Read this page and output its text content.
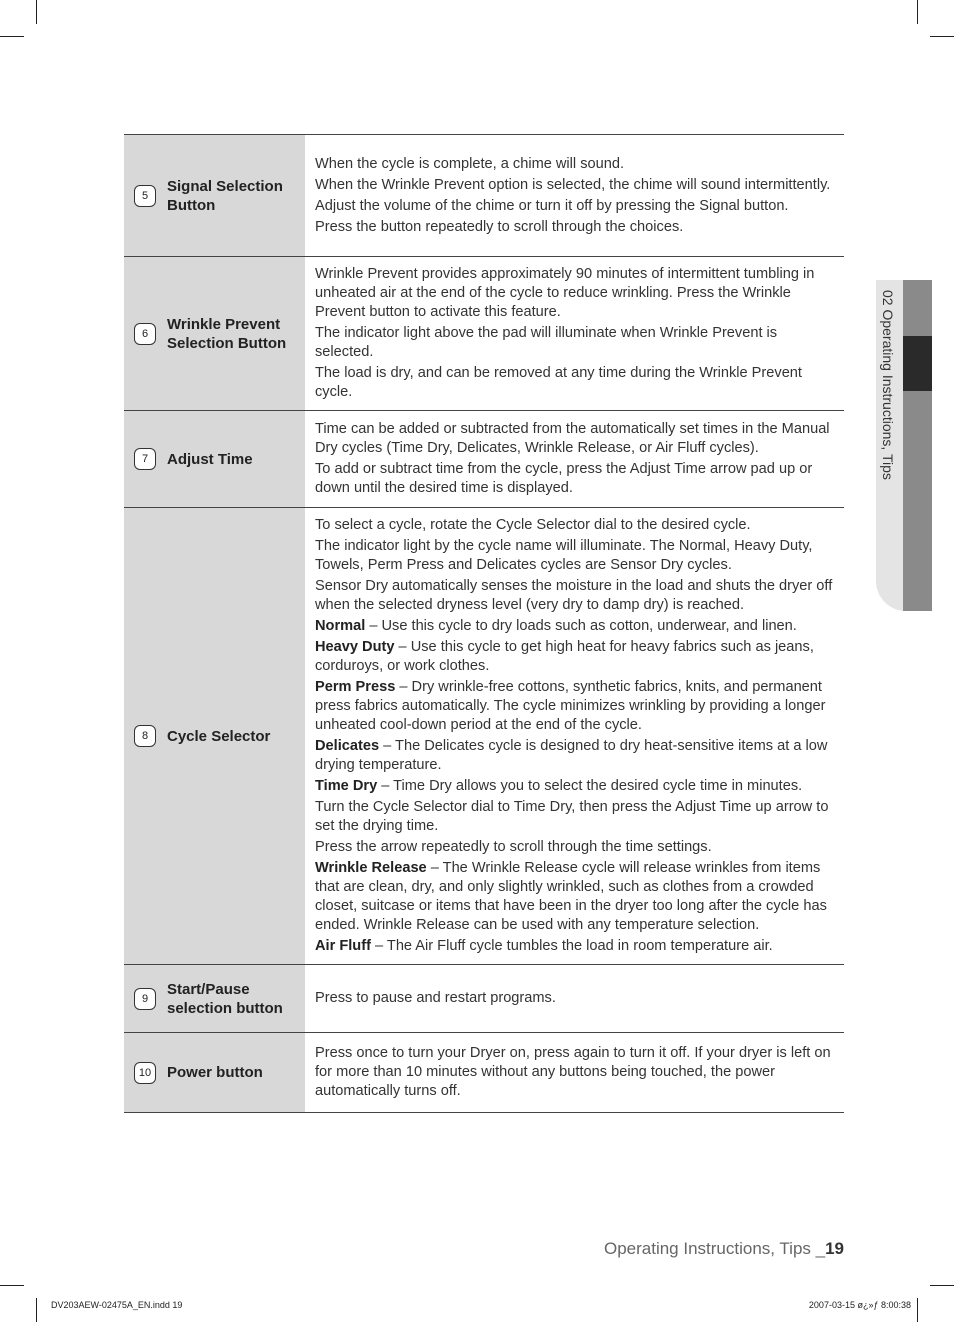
02 Operating Instructions, Tips
5
Signal Selection Button

When the cycle is complete, a chime will sound.

When the Wrinkle Prevent option is selected, the chime will sound intermittently.

Adjust the volume of the chime or turn it off by pressing the Signal button.

Press the button repeatedly to scroll through the choices.

6
Wrinkle Prevent Selection Button

Wrinkle Prevent provides approximately 90 minutes of intermittent tumbling in unheated air at the end of the cycle to reduce wrinkling. Press the Wrinkle Prevent button to activate this feature.

The indicator light above the pad will illuminate when Wrinkle Prevent is selected.

The load is dry, and can be removed at any time during the Wrinkle Prevent cycle.

7	Adjust Time

Time can be added or subtracted from the automatically set times in the Manual Dry cycles (Time Dry, Delicates, Wrinkle Release, or Air Fluff cycles).

To add or subtract time from the cycle, press the Adjust Time arrow pad up or down until the desired time is displayed.

8	Cycle Selector

To select a cycle, rotate the Cycle Selector dial to the desired cycle.

The indicator light by the cycle name will illuminate. The Normal, Heavy Duty, Towels, Perm Press and Delicates cycles are Sensor Dry cycles.

Sensor Dry automatically senses the moisture in the load and shuts the dryer off when the selected dryness level (very dry to damp dry) is reached.

Normal – Use this cycle to dry loads such as cotton, underwear, and linen.

Heavy Duty – Use this cycle to get high heat for heavy fabrics such as jeans, corduroys, or work clothes.

Perm Press – Dry wrinkle-free cottons, synthetic fabrics, knits, and permanent press fabrics automatically. The cycle minimizes wrinkling by providing a longer unheated cool-down period at the end of the cycle.

Delicates – The Delicates cycle is designed to dry heat-sensitive items at a low drying temperature.

Time Dry – Time Dry allows you to select the desired cycle time in minutes.

Turn the Cycle Selector dial to Time Dry, then press the Adjust Time up arrow to set the drying time.

Press the arrow repeatedly to scroll through the time settings.

Wrinkle Release – The Wrinkle Release cycle will release wrinkles from items that are clean, dry, and only slightly wrinkled, such as clothes from a crowded closet, suitcase or items that have been in the dryer too long after the cycle has ended. Wrinkle Release can be used with any temperature selection.

Air Fluff – The Air Fluff cycle tumbles the load in room temperature air.

9
Start/Pause selection button

Press to pause and restart programs.

10	Power button

Press once to turn your Dryer on, press again to turn it off. If your dryer is left on for more than 10 minutes without any buttons being touched, the power automatically turns off.

Operating Instructions, Tips _19
DV203AEW-02475A_EN.indd 19	2007-03-15 ø¿»ƒ 8:00:38
